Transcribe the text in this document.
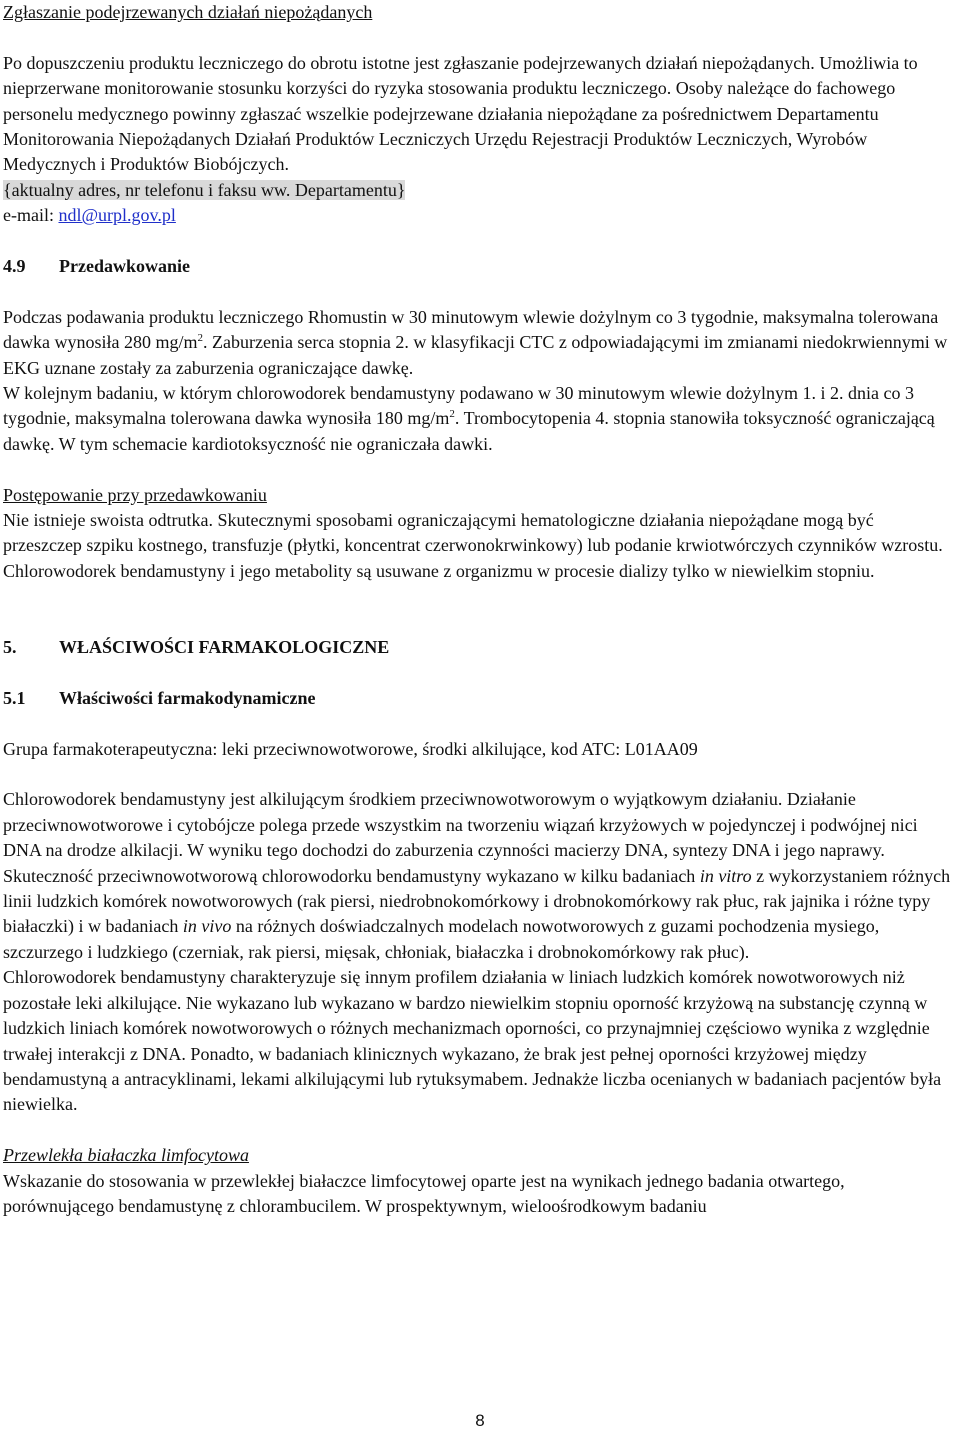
Zgłaszanie podejrzewanych działań niepożądanych

Po dopuszczeniu produktu leczniczego do obrotu istotne jest zgłaszanie podejrzewanych działań niepożądanych. Umożliwia to nieprzerwane monitorowanie stosunku korzyści do ryzyka stosowania produktu leczniczego. Osoby należące do fachowego personelu medycznego powinny zgłaszać wszelkie podejrzewane działania niepożądane za pośrednictwem Departamentu Monitorowania Niepożądanych Działań Produktów Leczniczych Urzędu Rejestracji Produktów Leczniczych, Wyrobów Medycznych i Produktów Biobójczych.

{aktualny adres, nr telefonu i faksu ww. Departamentu}

e-mail: ndl@urpl.gov.pl

4.9 Przedawkowanie

Podczas podawania produktu leczniczego Rhomustin w 30 minutowym wlewie dożylnym co 3 tygodnie, maksymalna tolerowana dawka wynosiła 280 $mg/m^2$. Zaburzenia serca stopnia 2. w klasyfikacji CTC z odpowiadającymi im zmianami niedokrwiennymi w EKG uznane zostały za zaburzenia ograniczające dawkę.

W kolejnym badaniu, w którym chlorowodorek bendamustyny podawano w 30 minutowym wlewie dożylnym 1. i 2. dnia co 3 tygodnie, maksymalna tolerowana dawka wynosiła 180 $mg/m^2$. Trombocytopenia 4. stopnia stanowiła toksyczność ograniczającą dawkę. W tym schemacie kardiotoksyczność nie ograniczała dawki.

Postępowanie przy przedawkowaniu

Nie istnieje swoista odtrutka. Skutecznymi sposobami ograniczającymi hematologiczne działania niepożądane mogą być przeszczep szpiku kostnego, transfuzje (płytki, koncentrat czerwonokrwinkowy) lub podanie krwiotwórczych czynników wzrostu.

Chlorowodorek bendamustyny i jego metabolity są usuwane z organizmu w procesie dializy tylko w niewielkim stopniu.

5. WŁAŚCIWOŚCI FARMAKOLOGICZNE

5.1 Właściwości farmakodynamiczne

Grupa farmakoterapeutyczna: leki przeciwnowotworowe, środki alkilujące, kod ATC: L01AA09

Chlorowodorek bendamustyny jest alkilującym środkiem przeciwnowotworowym o wyjątkowym działaniu. Działanie przeciwnowotworowe i cytobójcze polega przede wszystkim na tworzeniu wiązań krzyżowych w pojedynczej i podwójnej nici DNA na drodze alkilacji. W wyniku tego dochodzi do zaburzenia czynności macierzy DNA, syntezy DNA i jego naprawy. Skuteczność przeciwnowotworową chlorowodorku bendamustyny wykazano w kilku badaniach in vitro z wykorzystaniem różnych linii ludzkich komórek nowotworowych (rak piersi, niedrobnokomórkowy i drobnokomórkowy rak płuc, rak jajnika i różne typy białaczki) i w badaniach in vivo na różnych doświadczalnych modelach nowotworowych z guzami pochodzenia mysiego, szczurzego i ludzkiego (czerniak, rak piersi, mięsak, chłoniak, białaczka i drobnokomórkowy rak płuc).

Chlorowodorek bendamustyny charakteryzuje się innym profilem działania w liniach ludzkich komórek nowotworowych niż pozostałe leki alkilujące. Nie wykazano lub wykazano w bardzo niewielkim stopniu oporność krzyżową na substancję czynną w ludzkich liniach komórek nowotworowych o różnych mechanizmach oporności, co przynajmniej częściowo wynika z względnie trwałej interakcji z DNA. Ponadto, w badaniach klinicznych wykazano, że brak jest pełnej oporności krzyżowej między bendamustyną a antracyklinami, lekami alkilującymi lub rytuksymabem. Jednakże liczba ocenianych w badaniach pacjentów była niewielka.

Przewlekła białaczka limfocytowa

Wskazanie do stosowania w przewlekłej białaczce limfocytowej oparte jest na wynikach jednego badania otwartego, porównującego bendamustynę z chlorambucilem. W prospektywnym, wieloośrodkowym badaniu

8
